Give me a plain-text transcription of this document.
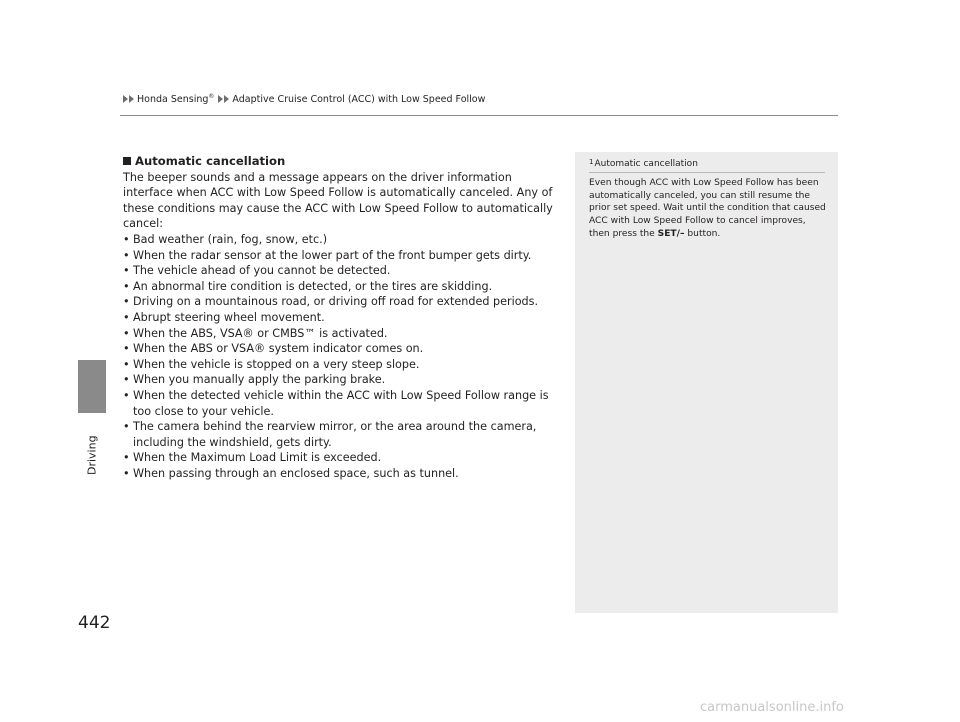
Honda Sensing® Adaptive Cruise Control (ACC) with Low Speed Follow
Driving
442
Automatic cancellation

The beeper sounds and a message appears on the driver information interface when ACC with Low Speed Follow is automatically canceled. Any of these conditions may cause the ACC with Low Speed Follow to automatically cancel:

• Bad weather (rain, fog, snow, etc.)
• When the radar sensor at the lower part of the front bumper gets dirty.
• The vehicle ahead of you cannot be detected.
• An abnormal tire condition is detected, or the tires are skidding.
• Driving on a mountainous road, or driving off road for extended periods.
• Abrupt steering wheel movement.
• When the ABS, VSA® or CMBS™ is activated.
• When the ABS or VSA® system indicator comes on.
• When the vehicle is stopped on a very steep slope.
• When you manually apply the parking brake.
• When the detected vehicle within the ACC with Low Speed Follow range is too close to your vehicle.
• The camera behind the rearview mirror, or the area around the camera, including the windshield, gets dirty.
• When the Maximum Load Limit is exceeded.
• When passing through an enclosed space, such as tunnel.
$^1$Automatic cancellation
Even though ACC with Low Speed Follow has been automatically canceled, you can still resume the prior set speed. Wait until the condition that caused ACC with Low Speed Follow to cancel improves, then press the SET/– button.
carmanualsonline.info
